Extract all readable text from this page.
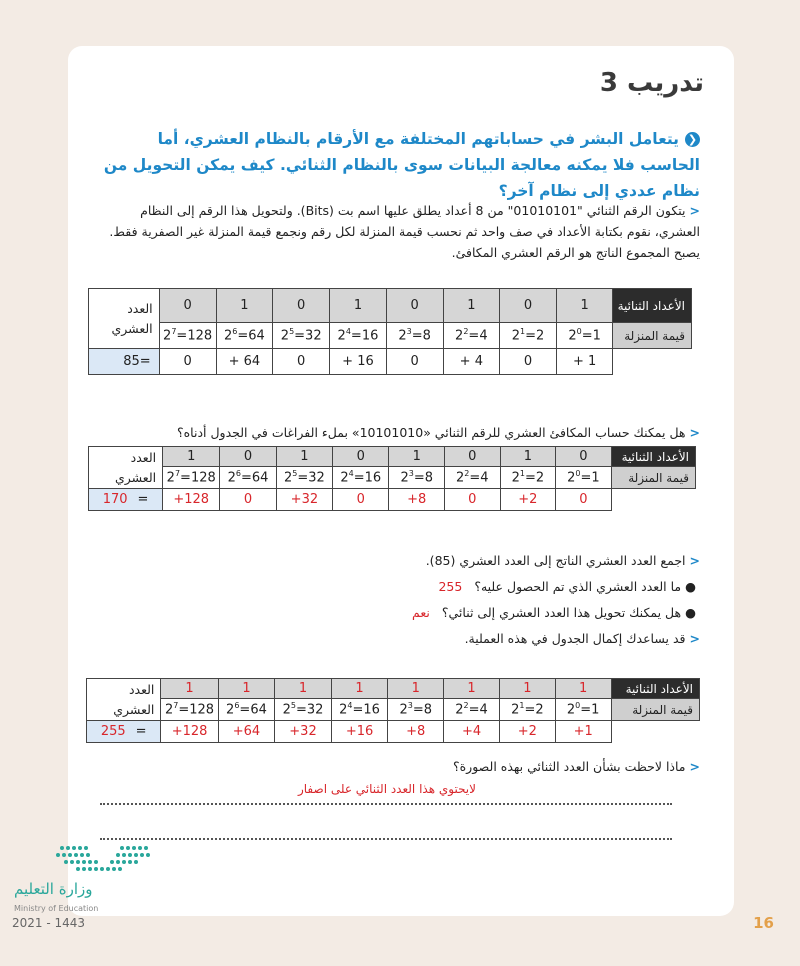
تدريب 3
❮يتعامل البشر في حساباتهم المختلفة مع الأرقام بالنظام العشري، أما الحاسب فلا يمكنه معالجة البيانات سوى بالنظام الثنائي. كيف يمكن التحويل من نظام عددي إلى نظام آخر؟
<يتكون الرقم الثنائي "01010101" من 8 أعداد يطلق عليها اسم بت (Bits). ولتحويل هذا الرقم إلى النظام العشري، نقوم بكتابة الأعداد في صف واحد ثم نحسب قيمة المنزلة لكل رقم ونجمع قيمة المنزلة غير الصفرية فقط. يصبح المجموع الناتج هو الرقم العشري المكافئ.
العدد العشري	0	1	0	1	0	1	0	1	الأعداد الثنائية
	$2^7=128$	$2^6=64$	$2^5=32$	$2^4=16$	$2^3=8$	$2^2=4$	$2^1=2$	$2^0=1$	قيمة المنزلة
85=	0	+ 64	0	+ 16	0	+ 4	0	+ 1	
<هل يمكنك حساب المكافئ العشري للرقم الثنائي «10101010» بملء الفراغات في الجدول أدناه؟
العدد العشري	1	0	1	0	1	0	1	0	الأعداد الثنائية
	$2^7=128$	$2^6=64$	$2^5=32$	$2^4=16$	$2^3=8$	$2^2=4$	$2^1=2$	$2^0=1$	قيمة المنزلة
170 =	+128	0	+32	0	+8	0	+2	0	
<اجمع العدد العشري الناتج إلى العدد العشري (85).
● ما العدد العشري الذي تم الحصول عليه؟ 255
● هل يمكنك تحويل هذا العدد العشري إلى ثنائي؟ نعم
<قد يساعدك إكمال الجدول في هذه العملية.
العدد العشري	1	1	1	1	1	1	1	1	الأعداد الثنائية
	$2^7=128$	$2^6=64$	$2^5=32$	$2^4=16$	$2^3=8$	$2^2=4$	$2^1=2$	$2^0=1$	قيمة المنزلة
255 =	+128	+64	+32	+16	+8	+4	+2	+1	
<ماذا لاحظت بشأن العدد الثنائي بهذه الصورة؟
لايحتوي هذا العدد الثنائي على اصفار
وزارة التعليم
Ministry of Education
2021 - 1443	16
